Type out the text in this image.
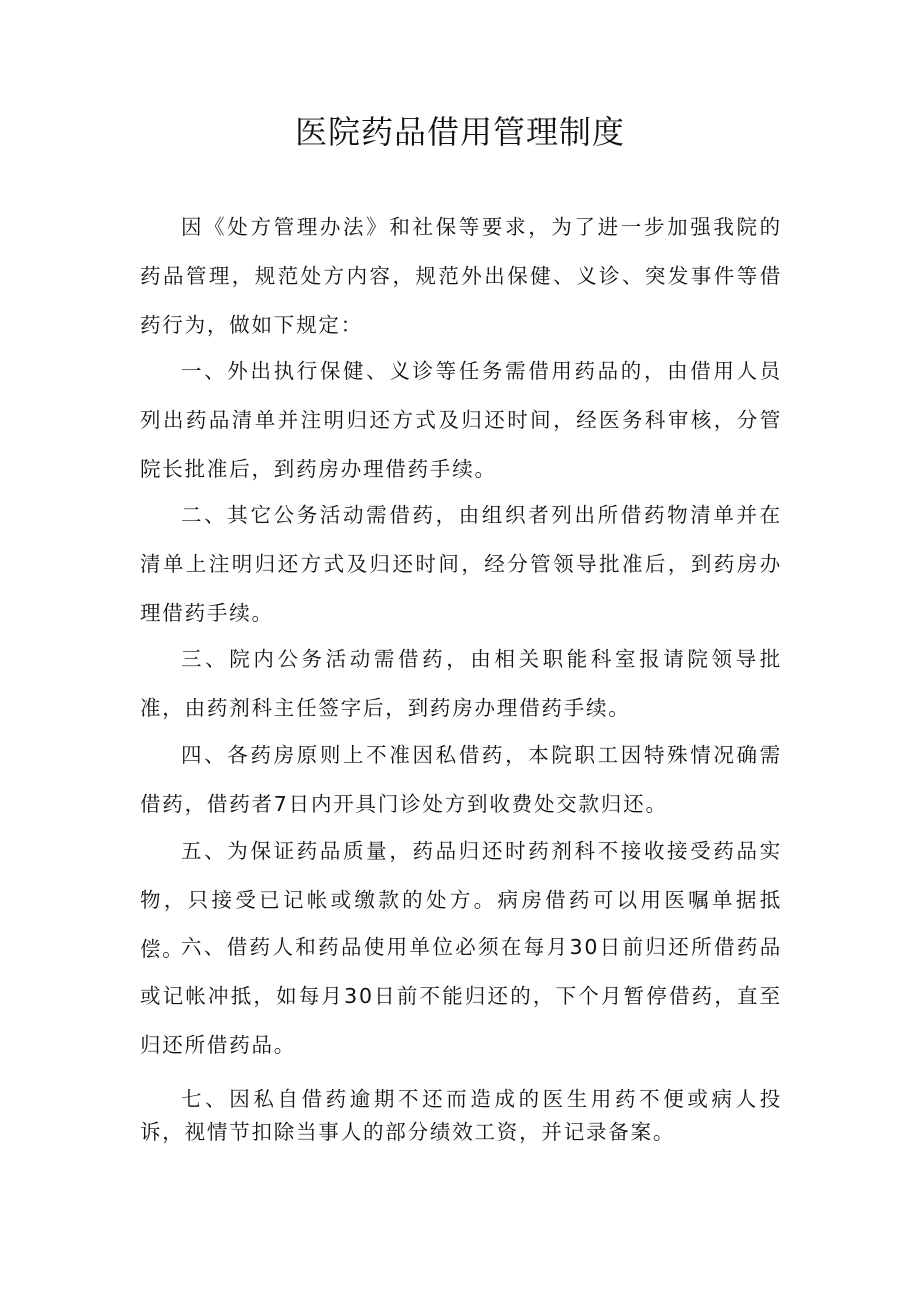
医院药品借用管理制度

因《处方管理办法》和社保等要求，为了进一步加强我院的药品管理，规范处方内容，规范外出保健、义诊、突发事件等借药行为，做如下规定：

一、外出执行保健、义诊等任务需借用药品的，由借用人员列出药品清单并注明归还方式及归还时间，经医务科审核，分管院长批准后，到药房办理借药手续。

二、其它公务活动需借药，由组织者列出所借药物清单并在清单上注明归还方式及归还时间，经分管领导批准后，到药房办理借药手续。

三、院内公务活动需借药，由相关职能科室报请院领导批准，由药剂科主任签字后，到药房办理借药手续。

四、各药房原则上不准因私借药，本院职工因特殊情况确需借药，借药者7日内开具门诊处方到收费处交款归还。

五、为保证药品质量，药品归还时药剂科不接收接受药品实物，只接受已记帐或缴款的处方。病房借药可以用医嘱单据抵偿。

六、借药人和药品使用单位必须在每月30日前归还所借药品或记帐冲抵，如每月30日前不能归还的，下个月暂停借药，直至归还所借药品。

七、因私自借药逾期不还而造成的医生用药不便或病人投诉，视情节扣除当事人的部分绩效工资，并记录备案。
